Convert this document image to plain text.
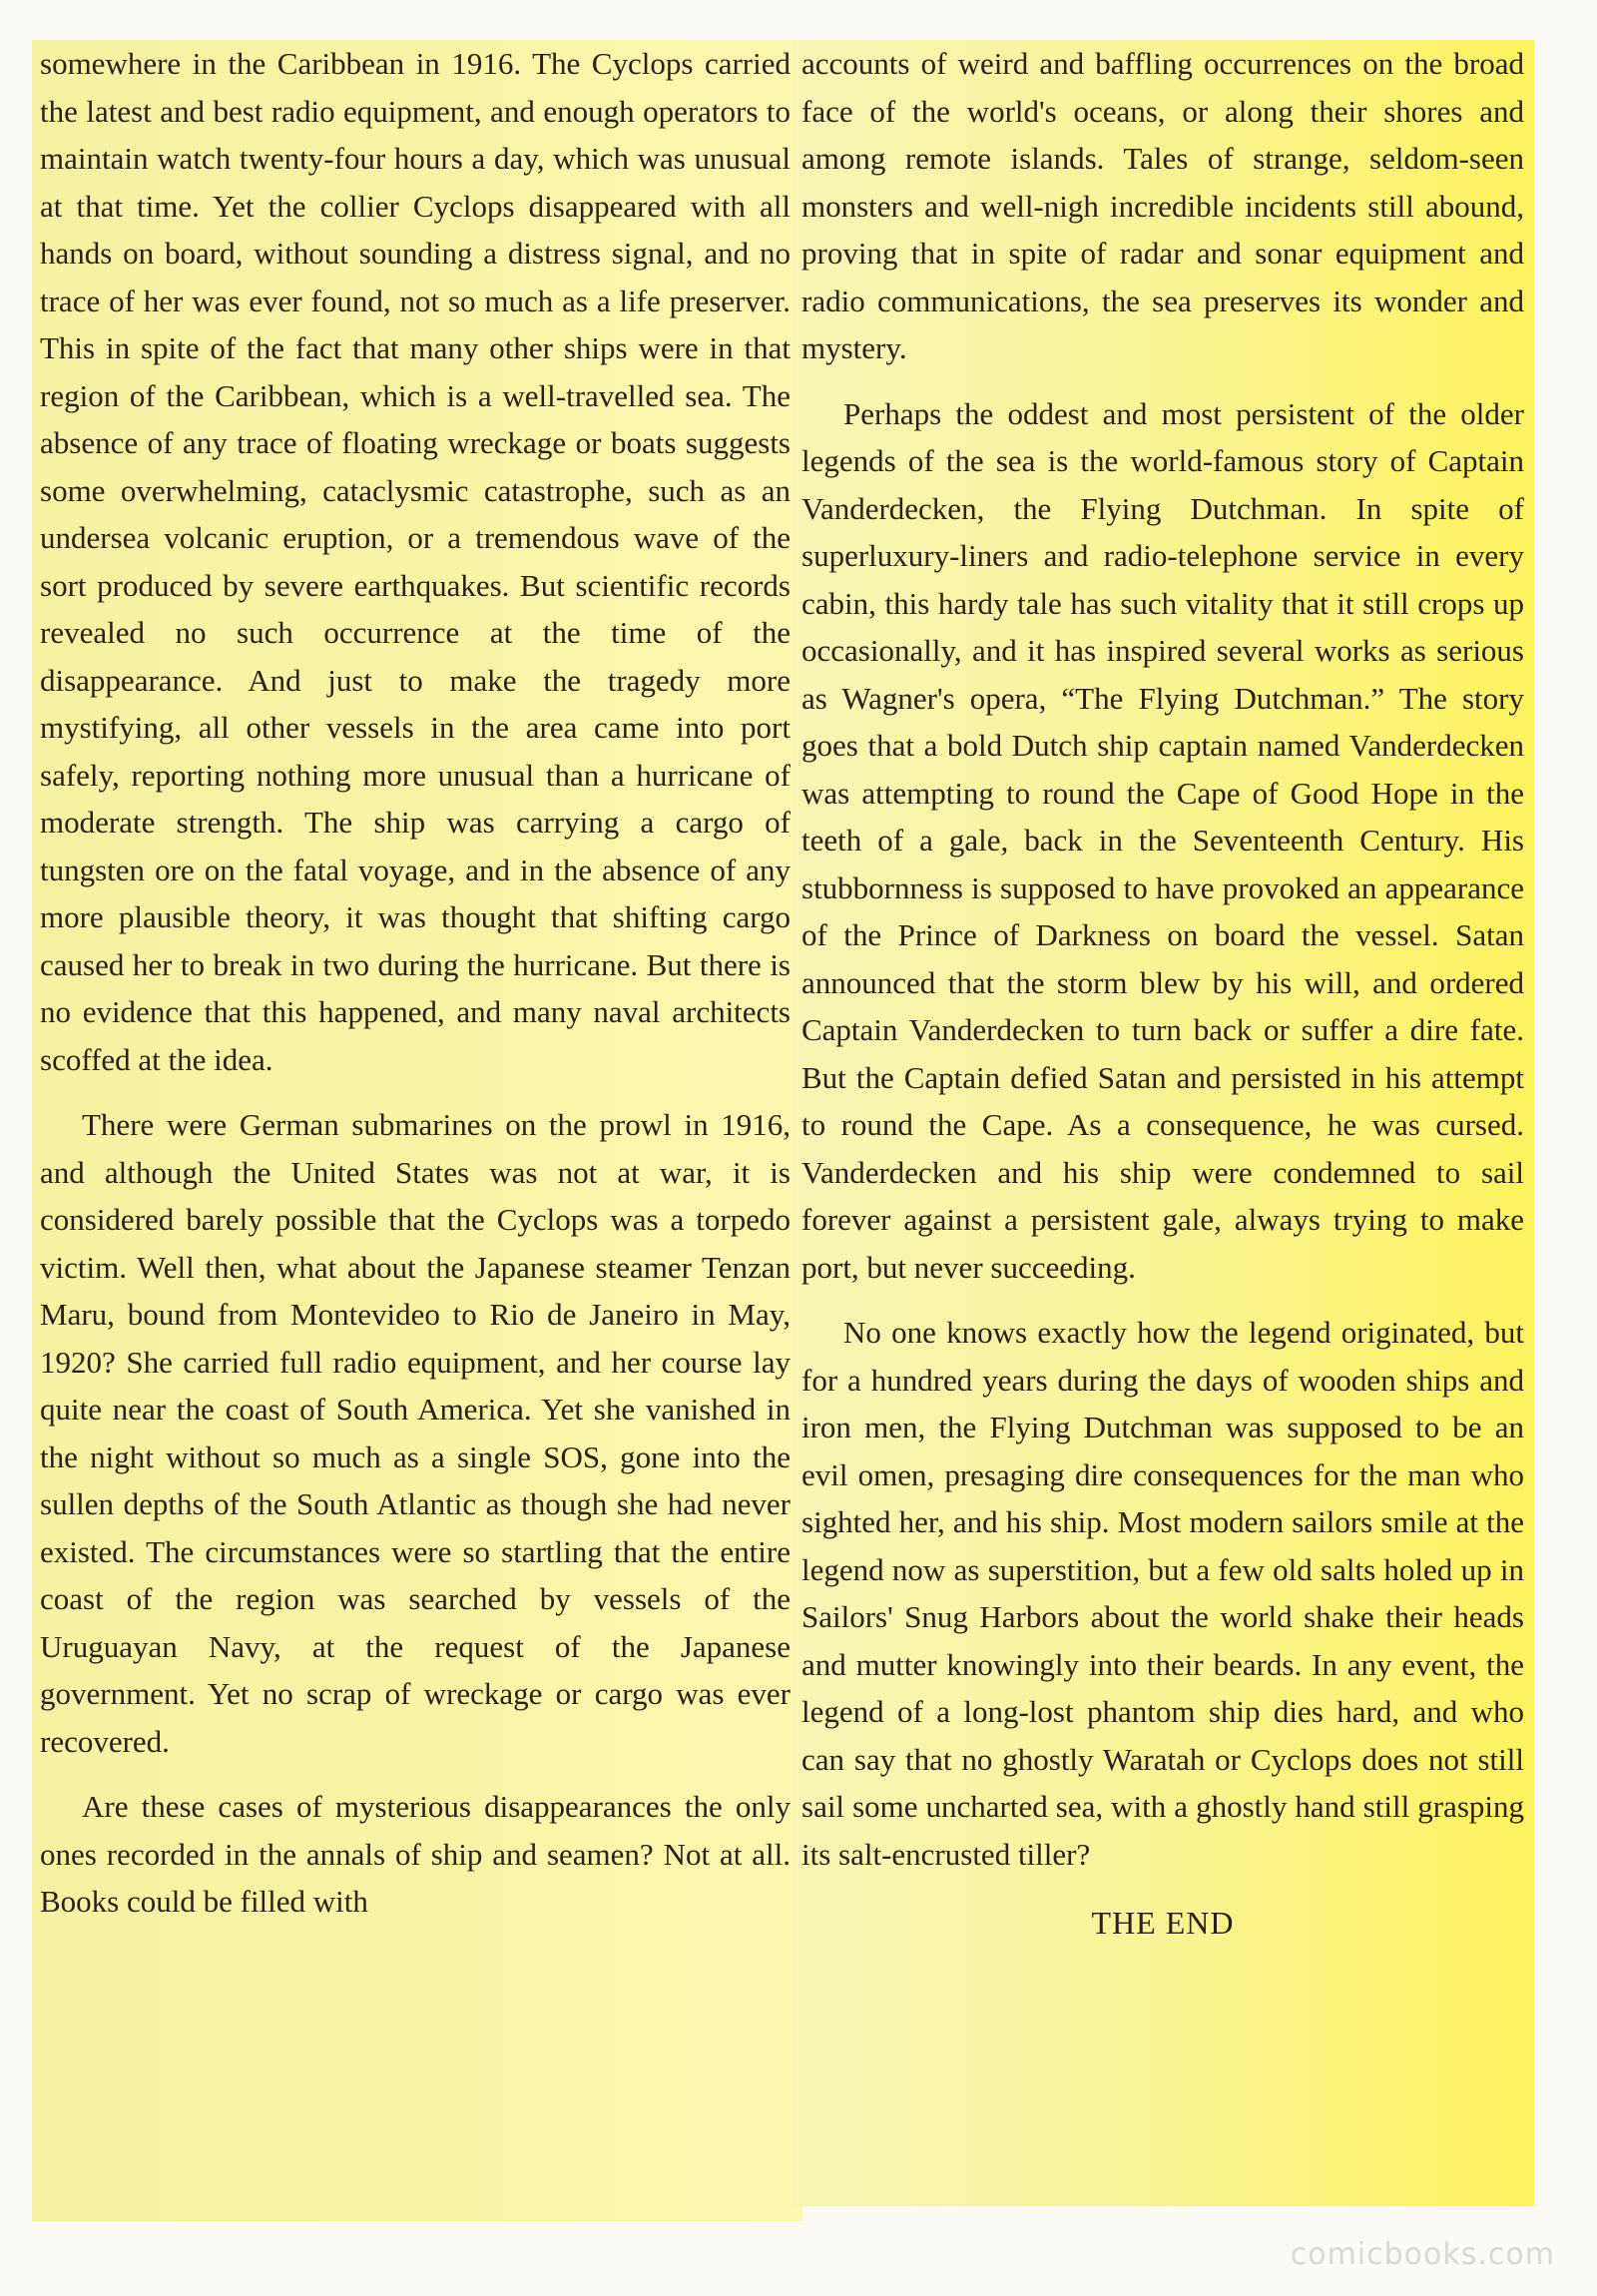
somewhere in the Caribbean in 1916. The Cyclops carried the latest and best radio equipment, and enough operators to maintain watch twenty-four hours a day, which was unusual at that time. Yet the collier Cyclops disappeared with all hands on board, without sounding a distress signal, and no trace of her was ever found, not so much as a life preserver. This in spite of the fact that many other ships were in that region of the Caribbean, which is a well-travelled sea. The absence of any trace of floating wreckage or boats suggests some overwhelming, cataclysmic catastrophe, such as an undersea volcanic eruption, or a tremendous wave of the sort produced by severe earthquakes. But scientific records revealed no such occurrence at the time of the disappearance. And just to make the tragedy more mystifying, all other vessels in the area came into port safely, reporting nothing more unusual than a hurricane of moderate strength. The ship was carrying a cargo of tungsten ore on the fatal voyage, and in the absence of any more plausible theory, it was thought that shifting cargo caused her to break in two during the hurricane. But there is no evidence that this happened, and many naval architects scoffed at the idea.

There were German submarines on the prowl in 1916, and although the United States was not at war, it is considered barely possible that the Cyclops was a torpedo victim. Well then, what about the Japanese steamer Tenzan Maru, bound from Montevideo to Rio de Janeiro in May, 1920? She carried full radio equipment, and her course lay quite near the coast of South America. Yet she vanished in the night without so much as a single SOS, gone into the sullen depths of the South Atlantic as though she had never existed. The circumstances were so startling that the entire coast of the region was searched by vessels of the Uruguayan Navy, at the request of the Japanese government. Yet no scrap of wreckage or cargo was ever recovered.

Are these cases of mysterious disappearances the only ones recorded in the annals of ship and seamen? Not at all. Books could be filled with

accounts of weird and baffling occurrences on the broad face of the world's oceans, or along their shores and among remote islands. Tales of strange, seldom-seen monsters and well-nigh incredible incidents still abound, proving that in spite of radar and sonar equipment and radio communications, the sea preserves its wonder and mystery.

Perhaps the oddest and most persistent of the older legends of the sea is the world-famous story of Captain Vanderdecken, the Flying Dutchman. In spite of superluxury-liners and radio-telephone service in every cabin, this hardy tale has such vitality that it still crops up occasionally, and it has inspired several works as serious as Wagner's opera, “The Flying Dutchman.” The story goes that a bold Dutch ship captain named Vanderdecken was attempting to round the Cape of Good Hope in the teeth of a gale, back in the Seventeenth Century. His stubbornness is supposed to have provoked an appearance of the Prince of Darkness on board the vessel. Satan announced that the storm blew by his will, and ordered Captain Vanderdecken to turn back or suffer a dire fate. But the Captain defied Satan and persisted in his attempt to round the Cape. As a consequence, he was cursed. Vanderdecken and his ship were condemned to sail forever against a persistent gale, always trying to make port, but never succeeding.

No one knows exactly how the legend originated, but for a hundred years during the days of wooden ships and iron men, the Flying Dutchman was supposed to be an evil omen, presaging dire consequences for the man who sighted her, and his ship. Most modern sailors smile at the legend now as superstition, but a few old salts holed up in Sailors' Snug Harbors about the world shake their heads and mutter knowingly into their beards. In any event, the legend of a long-lost phantom ship dies hard, and who can say that no ghostly Waratah or Cyclops does not still sail some uncharted sea, with a ghostly hand still grasping its salt-encrusted tiller?

THE END
comicbooks.com
